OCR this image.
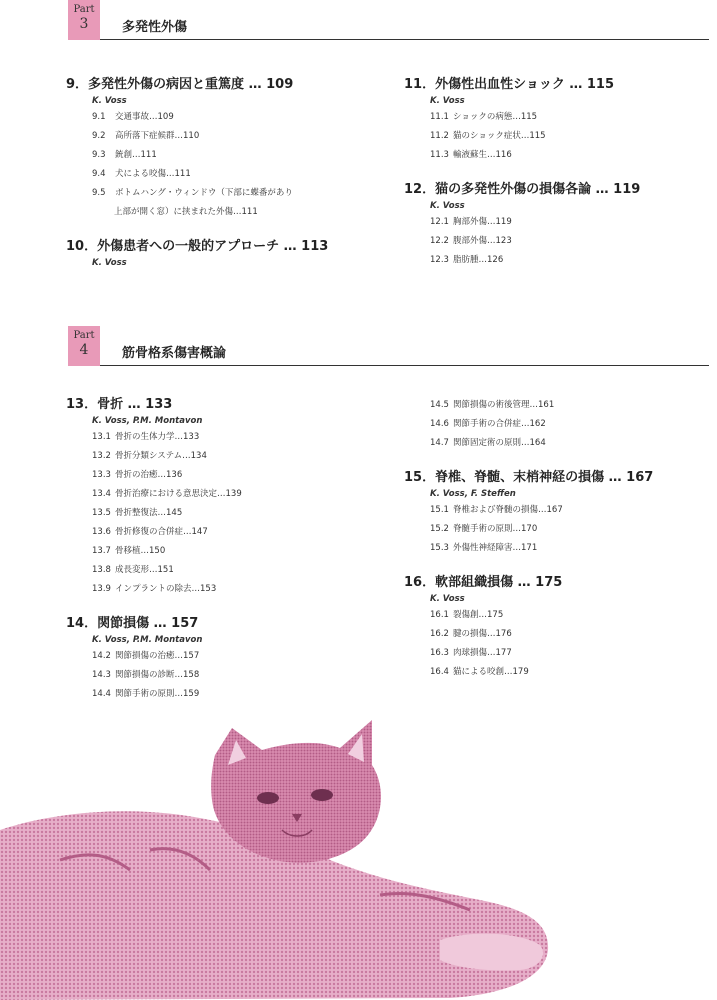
Part
3	多発性外傷
9．多発性外傷の病因と重篤度 … 109
K. Voss
9.1 交通事故…109
9.2 高所落下症候群…110
9.3 銃創…111
9.4 犬による咬傷…111
9.5 ボトムハング・ウィンドウ（下部に蝶番があり
上部が開く窓）に挟まれた外傷…111
10．外傷患者への一般的アプローチ … 113
K. Voss
11．外傷性出血性ショック … 115
K. Voss
11.1 ショックの病態…115
11.2 猫のショック症状…115
11.3 輸液蘇生…116
12．猫の多発性外傷の損傷各論 … 119
K. Voss
12.1 胸部外傷…119
12.2 腹部外傷…123
12.3 脂肪腫…126
Part
4	筋骨格系傷害概論
13．骨折 … 133
K. Voss, P.M. Montavon
13.1 骨折の生体力学…133
13.2 骨折分類システム…134
13.3 骨折の治癒…136
13.4 骨折治療における意思決定…139
13.5 骨折整復法…145
13.6 骨折修復の合併症…147
13.7 骨移植…150
13.8 成長変形…151
13.9 インプラントの除去…153
14．関節損傷 … 157
K. Voss, P.M. Montavon
14.2 関節損傷の治癒…157
14.3 関節損傷の診断…158
14.4 関節手術の原則…159
14.5 関節損傷の術後管理…161
14.6 関節手術の合併症…162
14.7 関節固定術の原則…164
15．脊椎、脊髄、末梢神経の損傷 … 167
K. Voss, F. Steffen
15.1 脊椎および脊髄の損傷…167
15.2 脊髄手術の原則…170
15.3 外傷性神経障害…171
16．軟部組織損傷 … 175
K. Voss
16.1 裂傷創…175
16.2 腱の損傷…176
16.3 肉球損傷…177
16.4 猫による咬創…179
